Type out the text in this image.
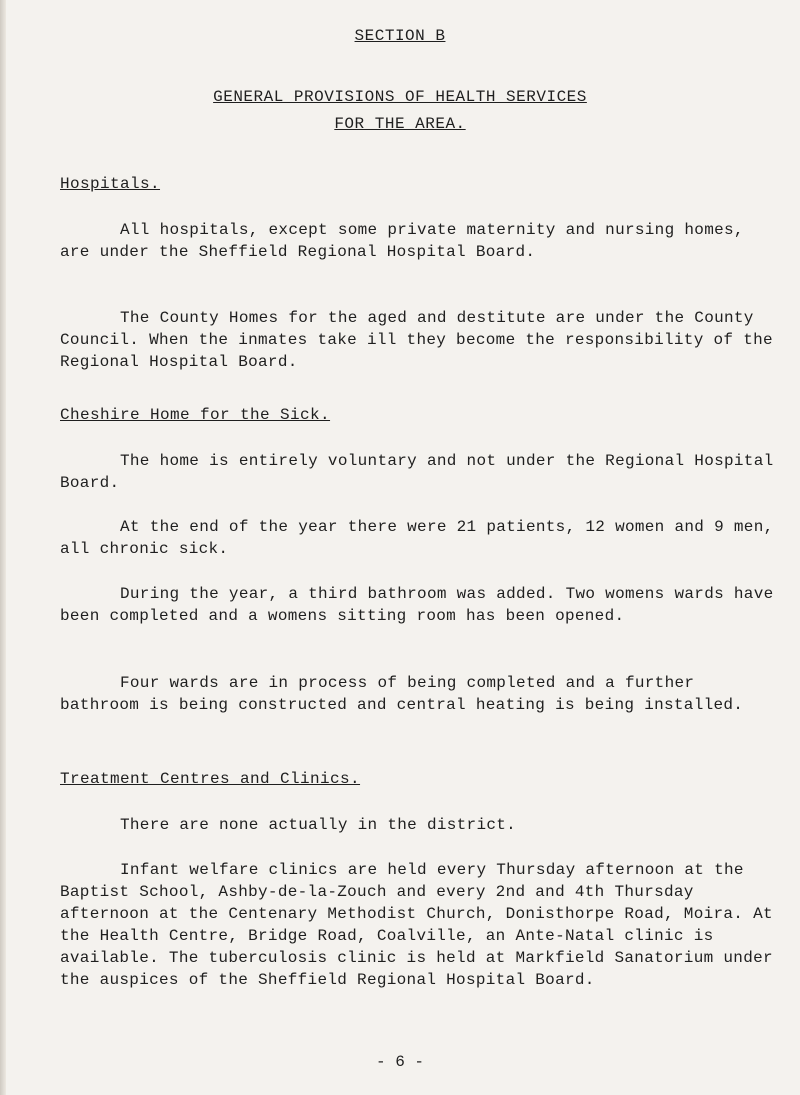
SECTION B
GENERAL PROVISIONS OF HEALTH SERVICES
FOR THE AREA.
Hospitals.

All hospitals, except some private maternity and nursing homes, are under the Sheffield Regional Hospital Board.

The County Homes for the aged and destitute are under the County Council. When the inmates take ill they become the responsibility of the Regional Hospital Board.

Cheshire Home for the Sick.

The home is entirely voluntary and not under the Regional Hospital Board.

At the end of the year there were 21 patients, 12 women and 9 men, all chronic sick.

During the year, a third bathroom was added. Two womens wards have been completed and a womens sitting room has been opened.

Four wards are in process of being completed and a further bathroom is being constructed and central heating is being installed.

Treatment Centres and Clinics.

There are none actually in the district.

Infant welfare clinics are held every Thursday afternoon at the Baptist School, Ashby-de-la-Zouch and every 2nd and 4th Thursday afternoon at the Centenary Methodist Church, Donisthorpe Road, Moira. At the Health Centre, Bridge Road, Coalville, an Ante-Natal clinic is available. The tuberculosis clinic is held at Markfield Sanatorium under the auspices of the Sheffield Regional Hospital Board.

- 6 -
